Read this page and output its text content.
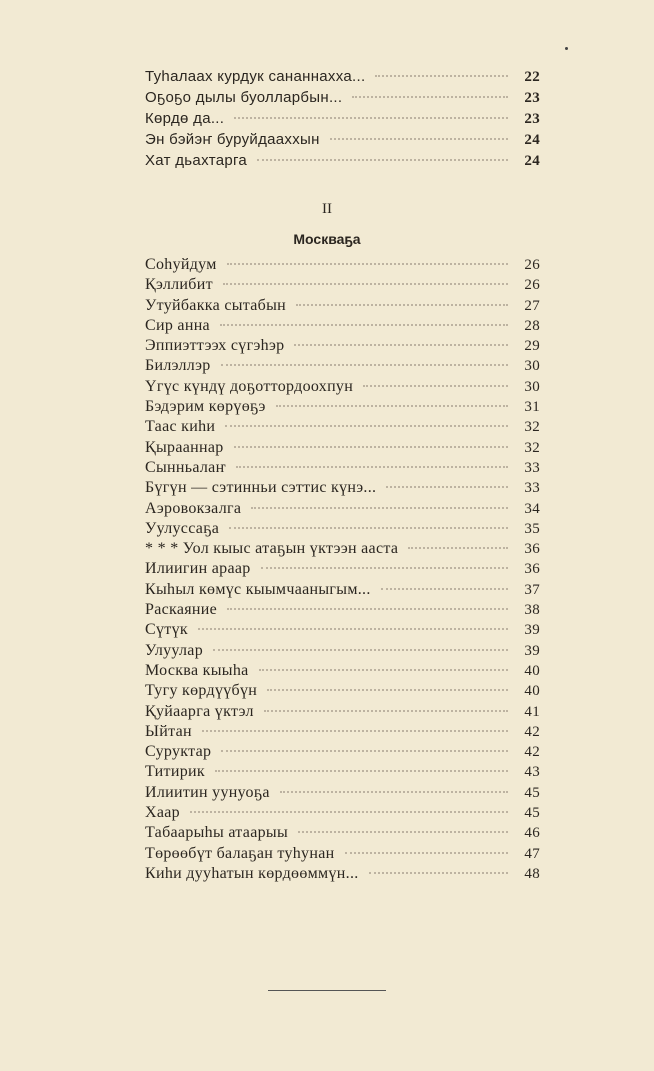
Туһалаах курдук сананнахха...	22
Оҕоҕо дылы буолларбын...	23
Көрдө да...	23
Эн бэйэҥ буруйдааххын	24
Хат дьахтарга	24
II
Москваҕа
Соһуйдум	26
Қэллибит	26
Утуйбакка сытабын	27
Сир анна	28
Эппиэттээх сүгэһэр	29
Билэллэр	30
Үгүс күндү доҕоттордоохпун	30
Бэдэрим көрүөҕэ	31
Таас киһи	32
Қырааннар	32
Сынньалаҥ	33
Бүгүн — сэтинньи сэттис күнэ...	33
Аэровокзалга	34
Уулуссаҕа	35
* * * Уол кыыс атаҕын үктээн ааста	36
Илиигин араар	36
Кыһыл көмүс кыымчааныгым...	37
Раскаяние	38
Сүтүк	39
Улуулар	39
Москва кыыһа	40
Тугу көрдүүбүн	40
Қуйаарга үктэл	41
Ыйтан	42
Суруктар	42
Титирик	43
Илиитин уунуоҕа	45
Хаар	45
Табаарыһы атаарыы	46
Төрөөбүт балаҕан туһунан	47
Киһи дууһатын көрдөөммүн...	48
